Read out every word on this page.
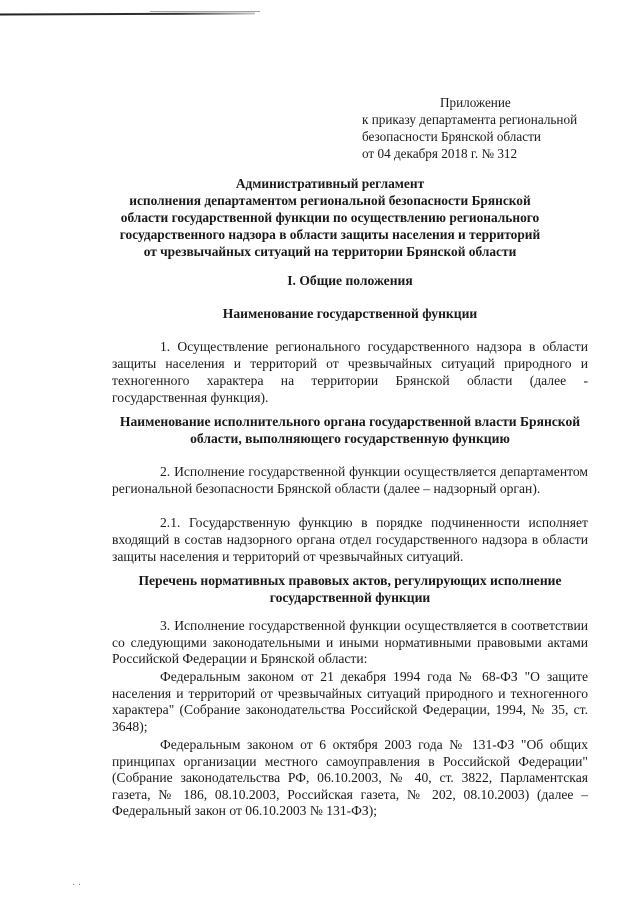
Приложение
к приказу департамента региональной
безопасности Брянской области
от 04 декабря 2018 г. № 312
Административный регламент
исполнения департаментом региональной безопасности Брянской области государственной функции по осуществлению регионального государственного надзора в области защиты населения и территорий от чрезвычайных ситуаций на территории Брянской области
I. Общие положения
Наименование государственной функции
1. Осуществление регионального государственного надзора в области защиты населения и территорий от чрезвычайных ситуаций природного и техногенного характера на территории Брянской области (далее - государственная функция).
Наименование исполнительного органа государственной власти Брянской области, выполняющего государственную функцию
2. Исполнение государственной функции осуществляется департаментом региональной безопасности Брянской области (далее – надзорный орган).
2.1. Государственную функцию в порядке подчиненности исполняет входящий в состав надзорного органа отдел государственного надзора в области защиты населения и территорий от чрезвычайных ситуаций.
Перечень нормативных правовых актов, регулирующих исполнение государственной функции
3. Исполнение государственной функции осуществляется в соответствии со следующими законодательными и иными нормативными правовыми актами Российской Федерации и Брянской области:
Федеральным законом от 21 декабря 1994 года № 68-ФЗ "О защите населения и территорий от чрезвычайных ситуаций природного и техногенного характера" (Собрание законодательства Российской Федерации, 1994, № 35, ст. 3648);
Федеральным законом от 6 октября 2003 года № 131-ФЗ "Об общих принципах организации местного самоуправления в Российской Федерации" (Собрание законодательства РФ, 06.10.2003, № 40, ст. 3822, Парламентская газета, № 186, 08.10.2003, Российская газета, № 202, 08.10.2003) (далее – Федеральный закон от 06.10.2003 № 131-ФЗ);
· ·
